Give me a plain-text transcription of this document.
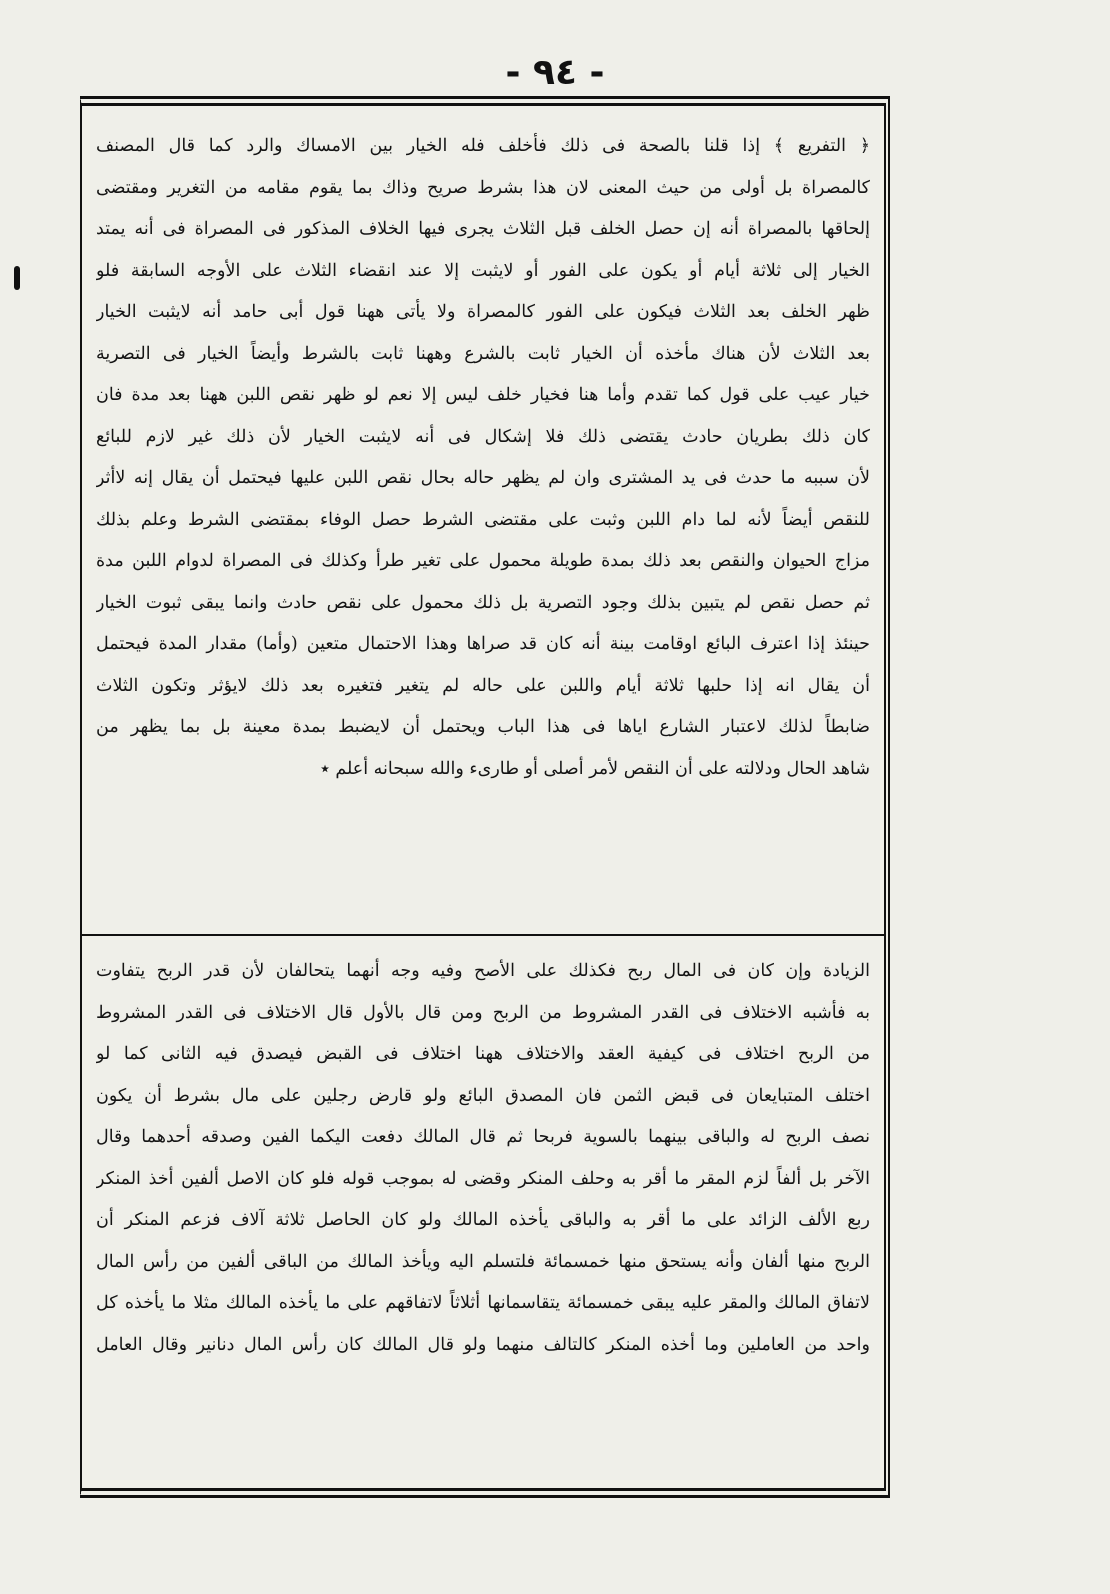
- ٩٤ -
﴿ التفريع ﴾ إذا قلنا بالصحة فى ذلك فأخلف فله الخيار بين الامساك والرد كما قال المصنف
كالمصراة بل أولى من حيث المعنى لان هذا بشرط صريح وذاك بما يقوم مقامه من التغرير ومقتضى
إلحاقها بالمصراة أنه إن حصل الخلف قبل الثلاث يجرى فيها الخلاف المذكور فى المصراة فى أنه يمتد
الخيار إلى ثلاثة أيام أو يكون على الفور أو لايثبت إلا عند انقضاء الثلاث على الأوجه السابقة فلو
ظهر الخلف بعد الثلاث فيكون على الفور كالمصراة ولا يأتى ههنا قول أبى حامد أنه لايثبت الخيار
بعد الثلاث لأن هناك مأخذه أن الخيار ثابت بالشرع وههنا ثابت بالشرط وأيضاً الخيار فى التصرية
خيار عيب على قول كما تقدم وأما هنا فخيار خلف ليس إلا نعم لو ظهر نقص اللبن ههنا بعد مدة فان
كان ذلك بطريان حادث يقتضى ذلك فلا إشكال فى أنه لايثبت الخيار لأن ذلك غير لازم للبائع
لأن سببه ما حدث فى يد المشترى وان لم يظهر حاله بحال نقص اللبن عليها فيحتمل أن يقال إنه لاأثر
للنقص أيضاً لأنه لما دام اللبن وثبت على مقتضى الشرط حصل الوفاء بمقتضى الشرط وعلم بذلك
مزاج الحيوان والنقص بعد ذلك بمدة طويلة محمول على تغير طرأ وكذلك فى المصراة لدوام اللبن مدة
ثم حصل نقص لم يتبين بذلك وجود التصرية بل ذلك محمول على نقص حادث وانما يبقى ثبوت الخيار
حينئذ إذا اعترف البائع اوقامت بينة أنه كان قد صراها وهذا الاحتمال متعين (وأما) مقدار المدة فيحتمل
أن يقال انه إذا حلبها ثلاثة أيام واللبن على حاله لم يتغير فتغيره بعد ذلك لايؤثر وتكون الثلاث
ضابطاً لذلك لاعتبار الشارع اياها فى هذا الباب ويحتمل أن لايضبط بمدة معينة بل بما يظهر من
شاهد الحال ودلالته على أن النقص لأمر أصلى أو طارىء والله سبحانه أعلم ٭
الزيادة وإن كان فى المال ربح فكذلك على الأصح وفيه وجه أنهما يتحالفان لأن قدر الربح يتفاوت
به فأشبه الاختلاف فى القدر المشروط من الربح ومن قال بالأول قال الاختلاف فى القدر المشروط
من الربح اختلاف فى كيفية العقد والاختلاف ههنا اختلاف فى القبض فيصدق فيه الثانى كما لو
اختلف المتبايعان فى قبض الثمن فان المصدق البائع ولو قارض رجلين على مال بشرط أن يكون
نصف الربح له والباقى بينهما بالسوية فربحا ثم قال المالك دفعت اليكما الفين وصدقه أحدهما وقال
الآخر بل ألفاً لزم المقر ما أقر به وحلف المنكر وقضى له بموجب قوله فلو كان الاصل ألفين أخذ المنكر
ربع الألف الزائد على ما أقر به والباقى يأخذه المالك ولو كان الحاصل ثلاثة آلاف فزعم المنكر أن
الربح منها ألفان وأنه يستحق منها خمسمائة فلتسلم اليه ويأخذ المالك من الباقى ألفين من رأس المال
لاتفاق المالك والمقر عليه يبقى خمسمائة يتقاسمانها أثلاثاً لاتفاقهم على ما يأخذه المالك مثلا ما يأخذه كل
واحد من العاملين وما أخذه المنكر كالتالف منهما ولو قال المالك كان رأس المال دنانير وقال العامل
